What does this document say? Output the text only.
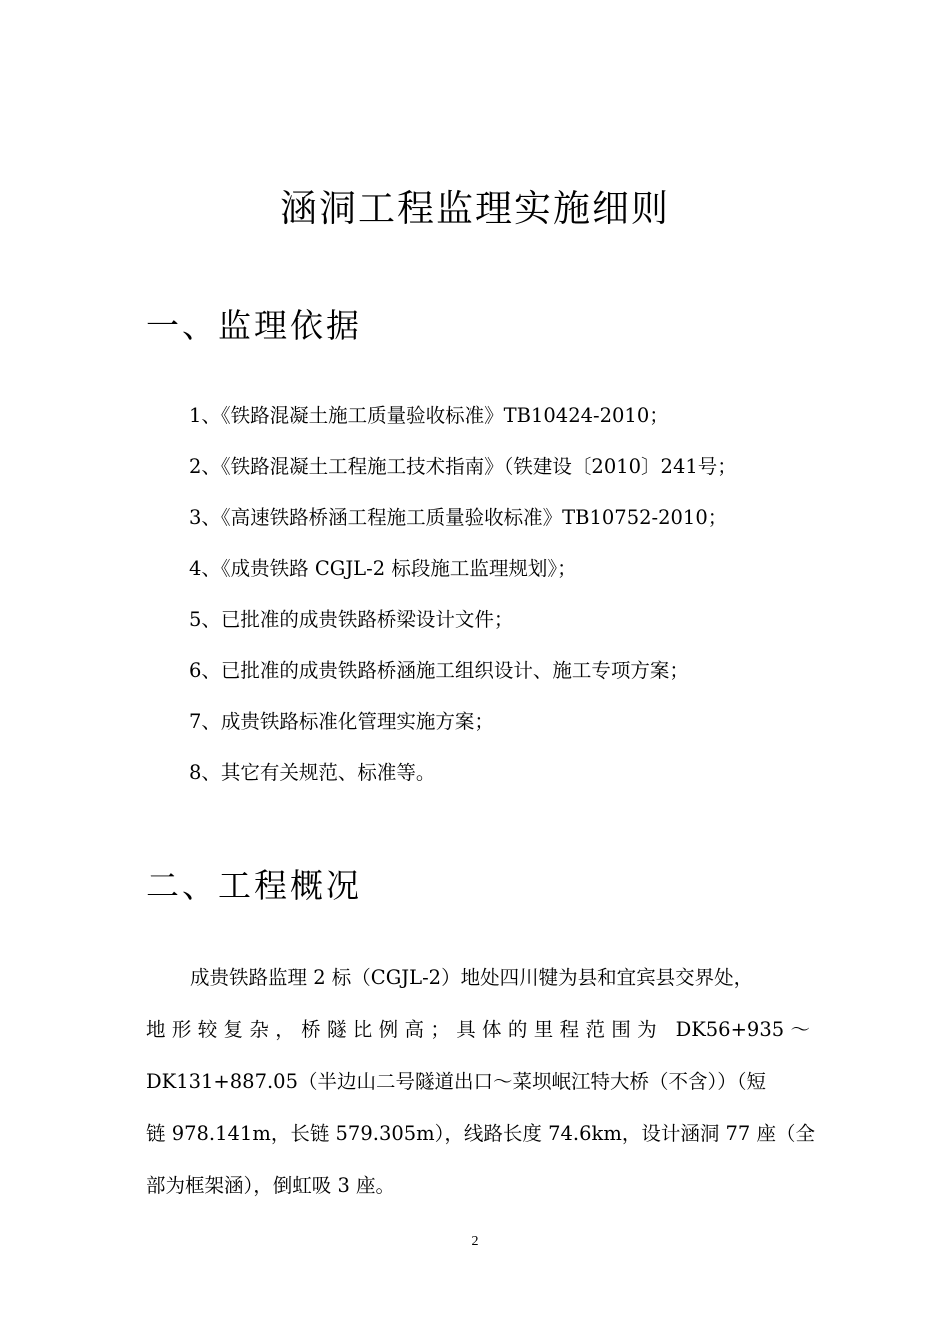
涵洞工程监理实施细则
一、监理依据
1、《铁路混凝土施工质量验收标准》TB10424-2010；
2、《铁路混凝土工程施工技术指南》（铁建设〔2010〕241号；
3、《高速铁路桥涵工程施工质量验收标准》TB10752-2010；
4、《成贵铁路 CGJL-2 标段施工监理规划》；
5、已批准的成贵铁路桥梁设计文件；
6、已批准的成贵铁路桥涵施工组织设计、施工专项方案；
7、成贵铁路标准化管理实施方案；
8、其它有关规范、标准等。
二、工程概况
成贵铁路监理 2 标（CGJL-2）地处四川犍为县和宜宾县交界处，
地形较复杂，桥隧比例高；具体的里程范围为 DK56+935～
DK131+887.05（半边山二号隧道出口～菜坝岷江特大桥（不含））（短
链 978.141m，长链 579.305m），线路长度 74.6km，设计涵洞 77 座（全
部为框架涵），倒虹吸 3 座。
2
